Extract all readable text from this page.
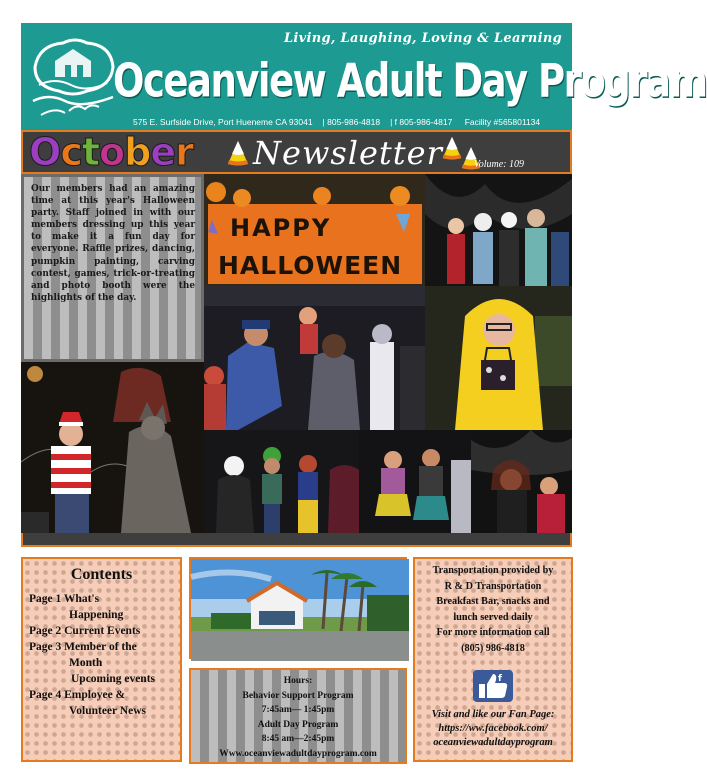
Living, Laughing, Loving & Learning
Oceanview Adult Day Program
575 E. Surfside Drive, Port Hueneme CA 93041 | 805-986-4818 | f 805-986-4817 Facility #565801134
October Newsletter	Volume: 109
HAPPY
HALLOWEEN

Our members had an amazing time at this year's Halloween party. Staff joined in with our members dressing up this year to make it a fun day for everyone. Raffle prizes, dancing, pumpkin painting, carving contest, games, trick-or-treating and photo booth were the highlights of the day.

Contents
Page 1 What's
Happening
Page 2 Current Events
Page 3 Member of the
Month
Upcoming events
Page 4 Employee &
Volunteer News
Hours:
Behavior Support Program
7:45am— 1:45pm
Adult Day Program
8:45 am—2:45pm
Www.oceanviewadultdayprogram.com

Transportation provided by

R & D Transportation

Breakfast Bar, snacks and

lunch served daily

For more information call

(805) 986-4818

f

Visit and like our Fan Page:

https://ww.facebook.com/

oceanviewadultdayprogram
